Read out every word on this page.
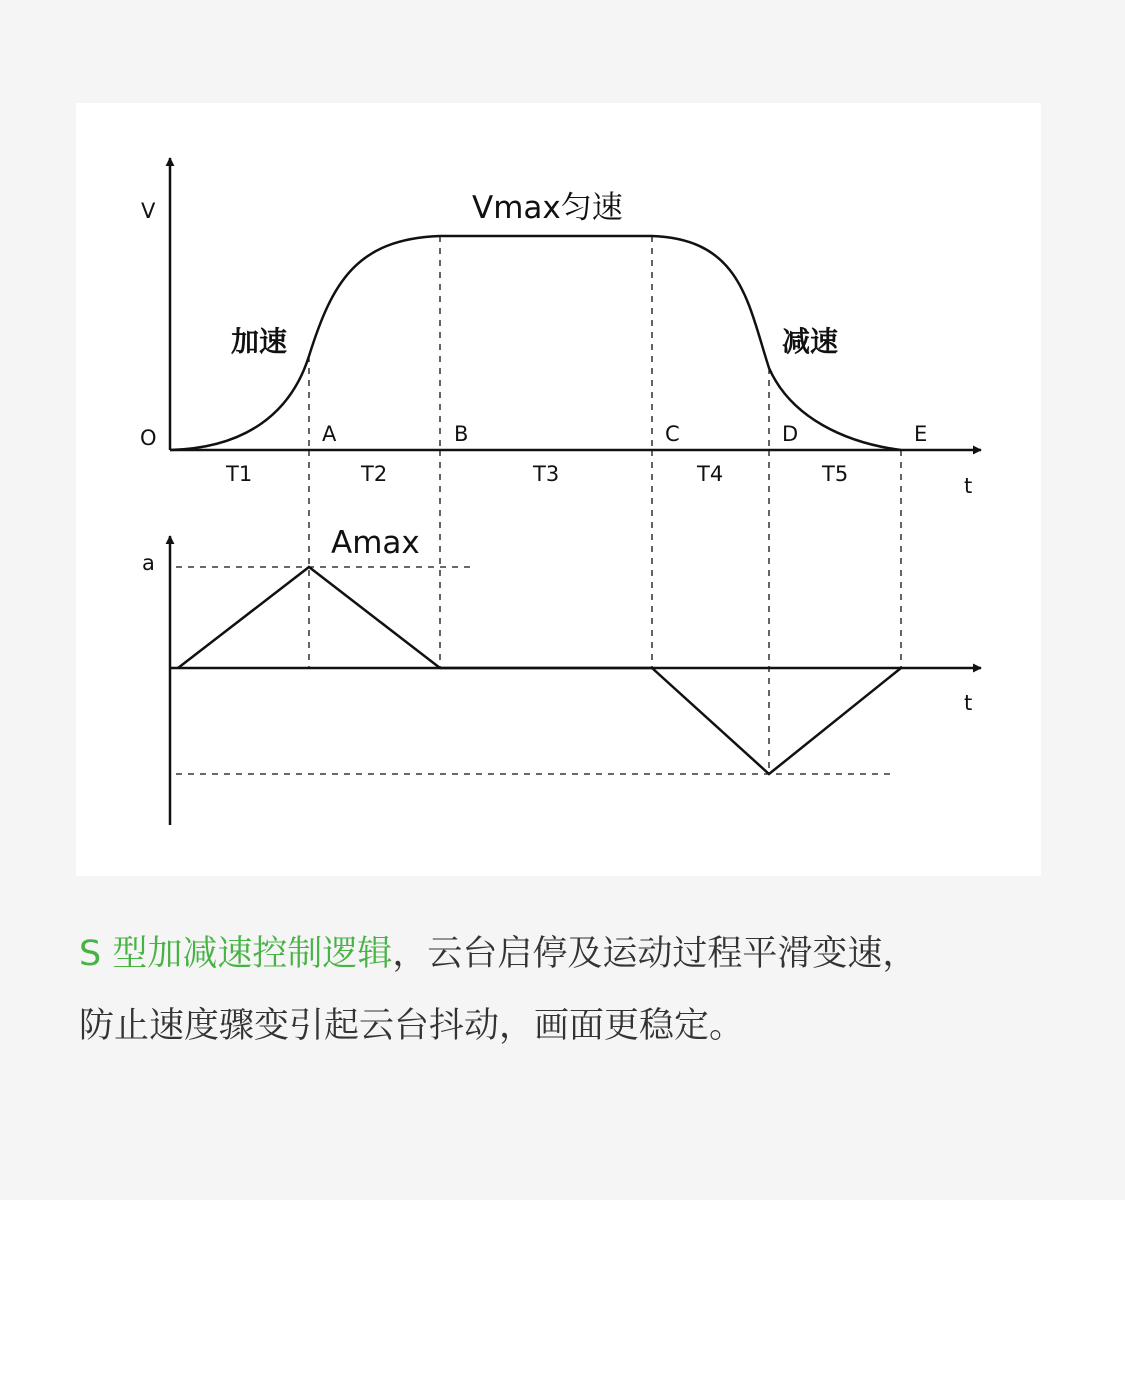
V
O
t
t
a
Vmax匀速
加速	减速
Amax
A	B	C	D	E
T1	T2	T3	T4	T5
S 型加减速控制逻辑，云台启停及运动过程平滑变速，
防止速度骤变引起云台抖动，画面更稳定。
